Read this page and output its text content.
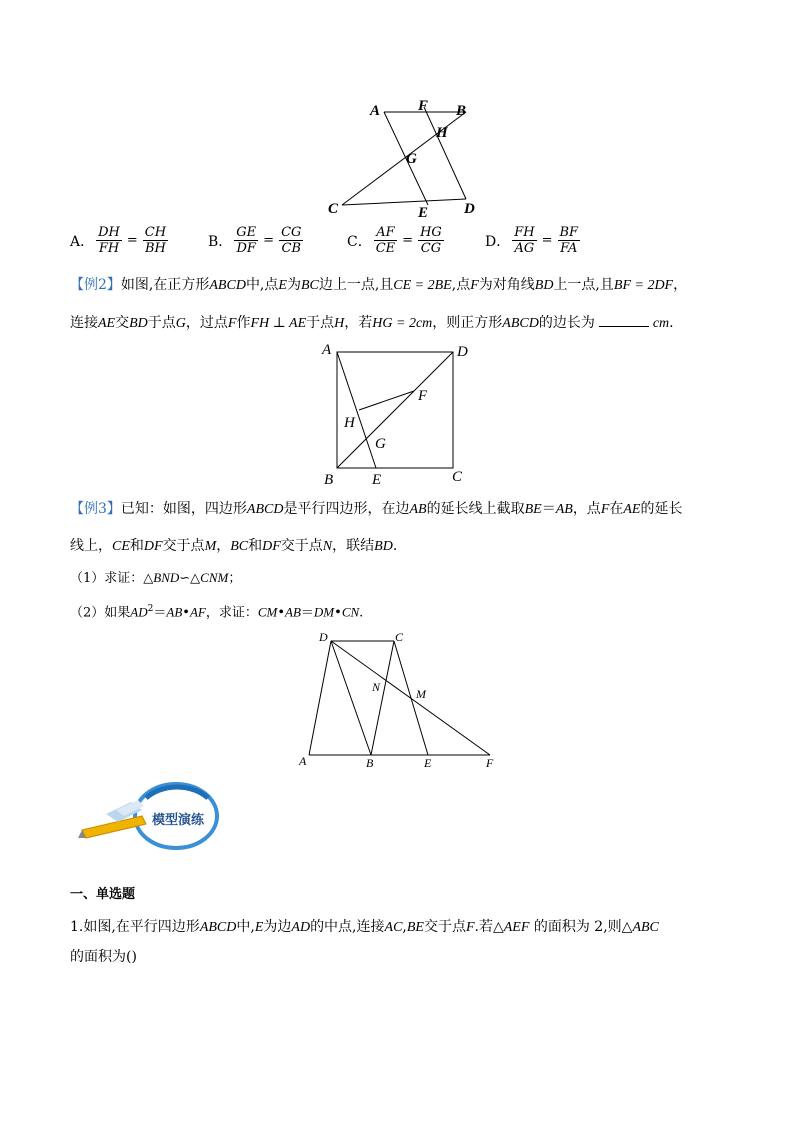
A	F B
H
G
C	E D
A． $\frac{DH}{FH} = \frac{CH}{BH}$	B． $\frac{GE}{DF} = \frac{CG}{CB}$	C． $\frac{AF}{CE} = \frac{HG}{CG}$	D． $\frac{FH}{AG} = \frac{BF}{FA}$
【例2】如图,在正方形ABCD中,点E为BC边上一点,且CE = 2BE,点F为对角线BD上一点,且BF = 2DF，
连接AE交BD于点G，过点F作FH ⊥ AE于点H，若HG = 2cm，则正方形ABCD的边长为	cm.
A	D
F
H
G
B	E	C
【例3】已知：如图，四边形ABCD是平行四边形，在边AB的延长线上截取BE＝AB，点F在AE的延长
线上，CE和DF交于点M，BC和DF交于点N，联结BD.
（1）求证：△BND∽△CNM；
（2）如果$AD^2=AB•AF$，求证：CM•AB＝DM•CN.
D	C
N	M
A	B	E	F
模型演练
一、单选题
1.如图,在平行四边形ABCD中,E为边AD的中点,连接AC,BE交于点F.若△AEF 的面积为 2,则△ABC
的面积为()
